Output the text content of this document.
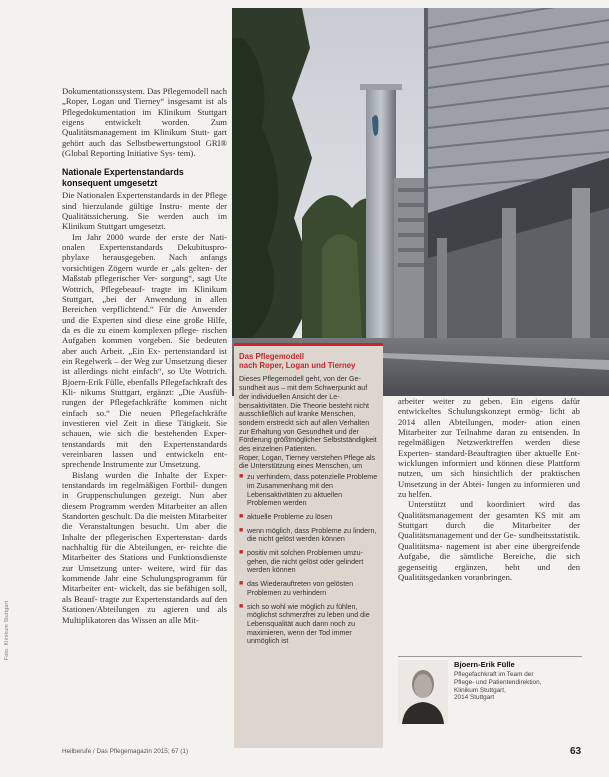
Foto: Klinikum Stuttgart

Dokumentationssystem. Das Pflegemodell nach „Roper, Logan und Tierney“ insgesamt ist als Pflegedokumentation im Klinikum Stuttgart eigens entwickelt worden. Zum Qualitätsmanagement im Klinikum Stutt- gart gehört auch das Selbstbewertungstool GRI® (Global Reporting Initiative Sys- tem).

Nationale Expertenstandards
konsequent umgesetzt

Die Nationalen Expertenstandards in der Pflege sind hierzulande gültige Instru- mente der Qualitätssicherung. Sie werden auch im Klinikum Stuttgart umgesetzt.

Im Jahr 2000 wurde der erste der Nati- onalen Expertenstandards Dekubituspro- phylaxe herausgegeben. Nach anfangs vorsichtigen Zögern wurde er „als gelten- der Maßstab pflegerischer Ver- sorgung“, sagt Ute Wottrich, Pflegebeauf- tragte im Klinikum Stuttgart, „bei der Anwendung in allen Bereichen verpflichtend.“ Für die Anwender und die Experten sind diese eine große Hilfe, da es die zu einem komplexen pflege- rischen Aufgaben kommen vorgeben. Sie bedeuten aber auch Arbeit. „Ein Ex- pertenstandard ist ein Regelwerk – der Weg zur Umsetzung dieser ist allerdings nicht einfach“, so Ute Wottrich. Bjoern-Erik Fülle, ebenfalls Pflegefachkraft des Kli- nikums Stuttgart, ergänzt: „Die Ausfüh- rungen der Pflegefachkräfte kommen nicht einfach so.“ Die neuen Pflegefachkräfte investieren viel Zeit in diese Tätigkeit. Sie schauen, wie sich die bestehenden Exper- tenstandards mit den Expertenstandards vereinbaren lassen und entwickeln ent- sprechende Instrumente zur Umsetzung.

Bislang wurden die Inhalte der Exper- tenstandards im regelmäßigen Fortbil- dungen in Gruppenschulungen gezeigt. Nun aber diesem Programm werden Mitarbeiter an allen Standorten geschult. Da die meisten Mitarbeiter die Veranstaltungen besucht. Um aber die Inhalte der pflegerischen Expertenstan- dards nachhaltig für die Abteilungen, er- reichte die Mitarbeiter des Stations und Funktionsdienste zur Umsetzung unter- weitere, wird für das kommende Jahr eine Schulungsprogramm für Mitarbeiter ent- wickelt, das sie befähigen soll, als Beauf- tragte zur Expertenstandards auf den Stationen/Abteilungen zu agieren und als Multiplikatoren das Wissen an alle Mit-

Das Pflegemodell
nach Roper, Logan und Tierney

Dieses Pflegemodell geht, von der Ge- sundheit aus – mit dem Schwerpunkt auf der individuellen Ansicht der Le- bensaktivitäten. Die Theorie besteht nicht ausschließlich auf kranke Menschen, sondern erstreckt sich auf allen Verhalten zur Erhaltung von Gesundheit und der Förderung größtmöglicher Selbstständigkeit des einzelnen Patienten.
Roper, Logan, Tierney verstehen Pflege als die Unterstützung eines Menschen, um

■ zu verhindern, dass potenzielle Probleme im Zusammenhang mit den Lebensaktivitäten zu aktuellen Problemen werden
■ aktuelle Probleme zu lösen
■ wenn möglich, dass Probleme zu lindern, die nicht gelöst werden können
■ positiv mit solchen Problemen umzu- gehen, die nicht gelöst oder gelindert werden können
■ das Wiederauftreten von gelösten Problemen zu verhindern
■ sich so wohl wie möglich zu fühlen, möglichst schmerzfrei zu leben und die Lebensqualität auch dann noch zu maximieren, wenn der Tod immer unmöglich ist

arbeiter weiter zu geben. Ein eigens dafür entwickeltes Schulungskonzept ermög- licht ab 2014 allen Abteilungen, moder- ation einen Mitarbeiter zur Teilnahme daran zu entsenden. In regelmäßigen Netzwerktreffen werden diese Experten- standard-Beauftragten über aktuelle Ent- wicklungen informiert und können diese Plattform nutzen, um sich hinsichtlich der praktischen Umsetzung in der Abtei- lungen zu informieren und zu helfen.

Unterstützt und koordiniert wird das Qualitätsmanagement der gesamten KS mit am Stuttgart durch die Mitarbeiter der Qualitätsmanagement und der Ge- sundheitsstatistik. Qualitätsma- nagement ist aber eine übergreifende Aufgabe, die sämtliche Bereiche, die sich gegenseitig ergänzen, hebt und den Qualitätsgedanken voranbringen.

Bjoern-Erik Fülle
Pflegefachkraft im Team der
Pflege- und Patientendirektion,
Klinikum Stuttgart,
2014 Stuttgart
Heilberufe / Das Pflegemagazin 2015; 67 (1)	63
